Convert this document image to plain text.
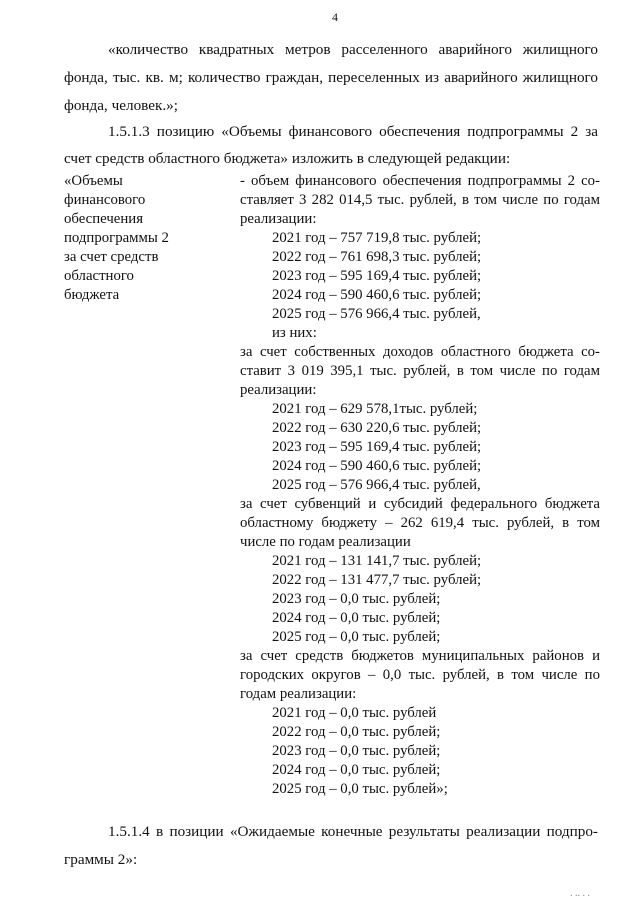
4
«количество квадратных метров расселенного аварийного жилищного
фонда, тыс. кв. м; количество граждан, переселенных из аварийного жилищного
фонда, человек.»;
1.5.1.3 позицию «Объемы финансового обеспечения подпрограммы 2 за
счет средств областного бюджета» изложить в следующей редакции:
«Объемы
финансового
обеспечения
подпрограммы 2
за счет средств
областного
бюджета
- объем финансового обеспечения подпрограммы 2 со-
ставляет 3 282 014,5 тыс. рублей, в том числе по годам
реализации:
2021 год – 757 719,8 тыс. рублей;
2022 год – 761 698,3 тыс. рублей;
2023 год – 595 169,4 тыс. рублей;
2024 год – 590 460,6 тыс. рублей;
2025 год – 576 966,4 тыс. рублей,
из них:
за счет собственных доходов областного бюджета со-
ставит 3 019 395,1 тыс. рублей, в том числе по годам
реализации:
2021 год – 629 578,1тыс. рублей;
2022 год – 630 220,6 тыс. рублей;
2023 год – 595 169,4 тыс. рублей;
2024 год – 590 460,6 тыс. рублей;
2025 год – 576 966,4 тыс. рублей,
за счет субвенций и субсидий федерального бюджета
областному бюджету – 262 619,4 тыс. рублей, в том
числе по годам реализации
2021 год – 131 141,7 тыс. рублей;
2022 год – 131 477,7 тыс. рублей;
2023 год – 0,0 тыс. рублей;
2024 год – 0,0 тыс. рублей;
2025 год – 0,0 тыс. рублей;
за счет средств бюджетов муниципальных районов и
городских округов – 0,0 тыс. рублей, в том числе по
годам реализации:
2021 год – 0,0 тыс. рублей
2022 год – 0,0 тыс. рублей;
2023 год – 0,0 тыс. рублей;
2024 год – 0,0 тыс. рублей;
2025 год – 0,0 тыс. рублей»;
1.5.1.4 в позиции «Ожидаемые конечные результаты реализации подпро-
граммы 2»:
. .. . .
